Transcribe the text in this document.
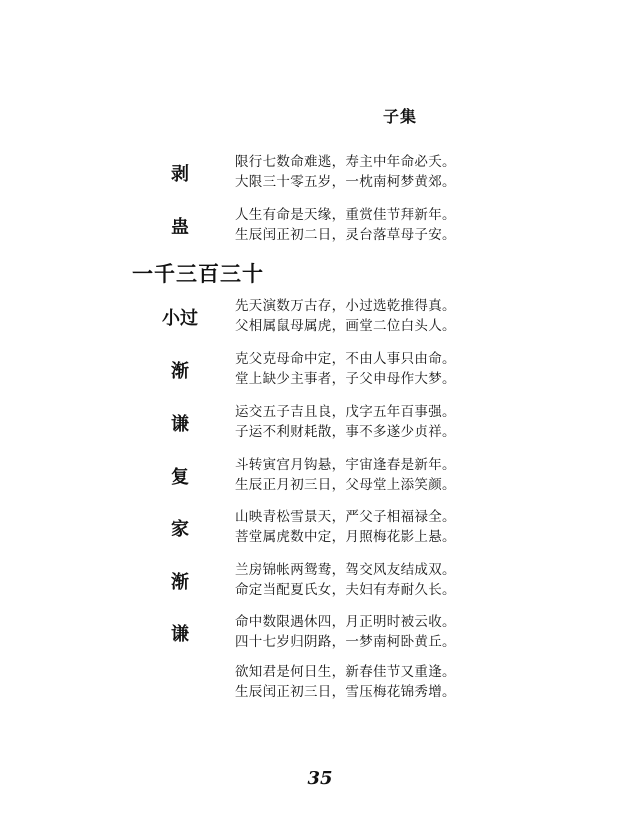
子集
剥
限行七数命难逃，寿主中年命必夭。
大限三十零五岁，一枕南柯梦黄郊。
蛊
人生有命是天缘，重赏佳节拜新年。
生辰闰正初二日，灵台落草母子安。
一千三百三十
小过
先天演数万古存，小过选乾推得真。
父相属鼠母属虎，画堂二位白头人。
渐
克父克母命中定，不由人事只由命。
堂上缺少主事者，子父申母作大梦。
谦
运交五子吉且良，戊字五年百事强。
子运不利财耗散，事不多遂少贞祥。
复
斗转寅宫月钩悬，宇宙逢春是新年。
生辰正月初三日，父母堂上添笑颜。
家
山映青松雪景天，严父子相福禄全。
菩堂属虎数中定，月照梅花影上悬。
渐
兰房锦帐两鸳鸯，驾交风友结成双。
命定当配夏氏女，夫妇有寿耐久长。
谦
命中数限遇休四，月正明时被云收。
四十七岁归阴路，一梦南柯卧黄丘。
欲知君是何日生，新春佳节又重逢。
生辰闰正初三日，雪压梅花锦秀增。
35
